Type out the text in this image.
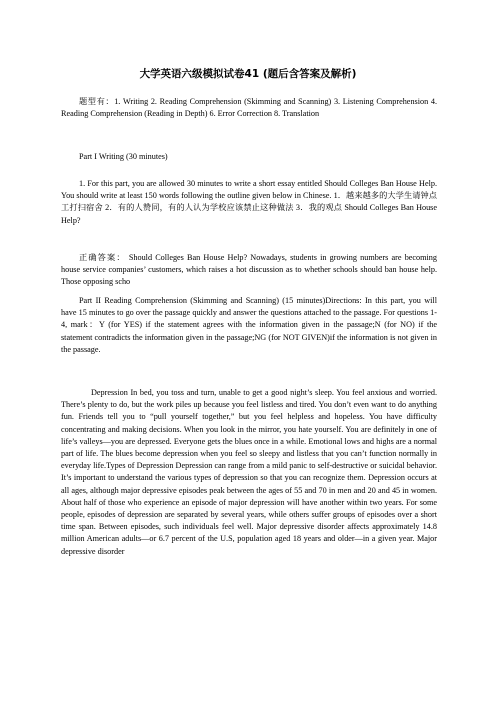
大学英语六级模拟试卷41 (题后含答案及解析)
题型有：1. Writing 2. Reading Comprehension (Skimming and Scanning) 3. Listening Comprehension 4. Reading Comprehension (Reading in Depth) 6. Error Correction 8. Translation
Part I Writing (30 minutes)
1. For this part, you are allowed 30 minutes to write a short essay entitled Should Colleges Ban House Help. You should write at least 150 words following the outline given below in Chinese. 1．越来越多的大学生请钟点工打扫宿舍 2．有的人赞同，有的人认为学校应该禁止这种做法 3．我的观点 Should Colleges Ban House Help?
正确答案： Should Colleges Ban House Help? Nowadays, students in growing numbers are becoming house service companies’ customers, which raises a hot discussion as to whether schools should ban house help. Those opposing scho
Part II Reading Comprehension (Skimming and Scanning) (15 minutes)Directions: In this part, you will have 15 minutes to go over the passage quickly and answer the questions attached to the passage. For questions 1-4, mark：Y (for YES) if the statement agrees with the information given in the passage;N (for NO) if the statement contradicts the information given in the passage;NG (for NOT GIVEN)if the information is not given in the passage.
Depression In bed, you toss and turn, unable to get a good night’s sleep. You feel anxious and worried. There’s plenty to do, but the work piles up because you feel listless and tired. You don’t even want to do anything fun. Friends tell you to “pull yourself together,” but you feel helpless and hopeless. You have difficulty concentrating and making decisions. When you look in the mirror, you hate yourself. You are definitely in one of life’s valleys—you are depressed. Everyone gets the blues once in a while. Emotional lows and highs are a normal part of life. The blues become depression when you feel so sleepy and listless that you can’t function normally in everyday life.Types of Depression Depression can range from a mild panic to self-destructive or suicidal behavior. It’s important to understand the various types of depression so that you can recognize them. Depression occurs at all ages, although major depressive episodes peak between the ages of 55 and 70 in men and 20 and 45 in women. About half of those who experience an episode of major depression will have another within two years. For some people, episodes of depression are separated by several years, while others suffer groups of episodes over a short time span. Between episodes, such individuals feel well. Major depressive disorder affects approximately 14.8 million American adults—or 6.7 percent of the U.S, population aged 18 years and older—in a given year. Major depressive disorder
